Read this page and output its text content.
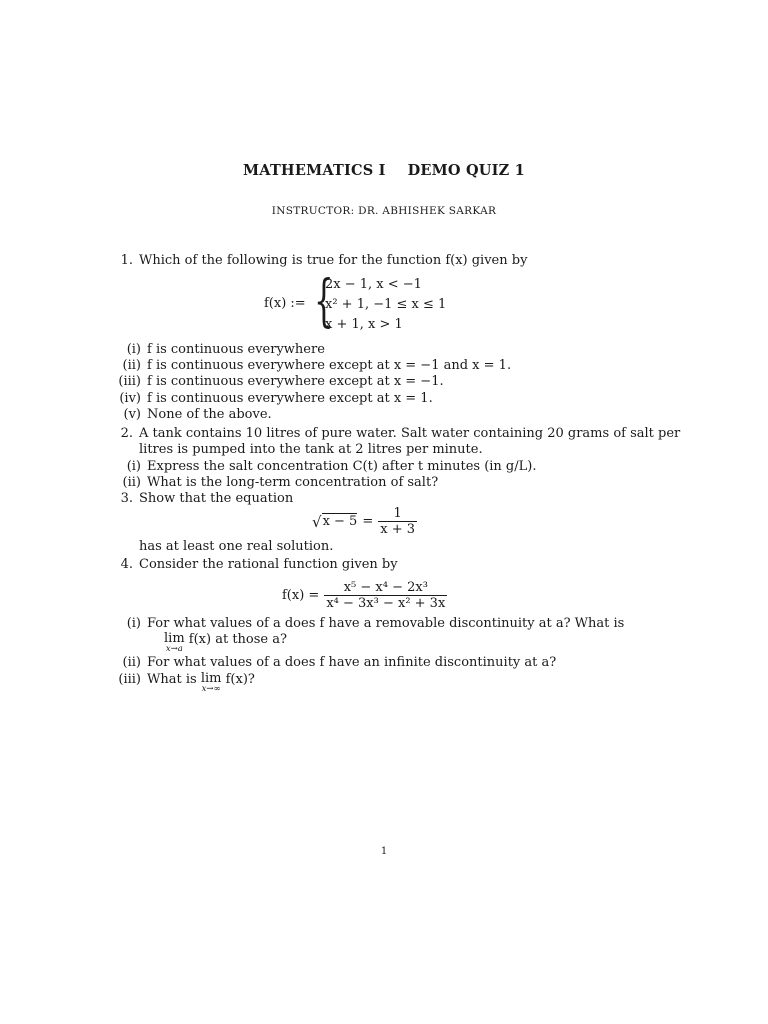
MATHEMATICS I DEMO QUIZ 1
INSTRUCTOR: DR. ABHISHEK SARKAR
1. Which of the following is true for the function f(x) given by
f(x) := {
2x − 1, x < −1
x² + 1, −1 ≤ x ≤ 1
x + 1, x > 1
(i) f is continuous everywhere
(ii) f is continuous everywhere except at x = −1 and x = 1.
(iii) f is continuous everywhere except at x = −1.
(iv) f is continuous everywhere except at x = 1.
(v) None of the above.
2. A tank contains 10 litres of pure water. Salt water containing 20 grams of salt per
litres is pumped into the tank at 2 litres per minute.
(i) Express the salt concentration C(t) after t minutes (in g/L).
(ii) What is the long-term concentration of salt?
3. Show that the equation
√ $x - 5 = \frac{1}{x + 3}$
has at least one real solution.
4. Consider the rational function given by
$f(x) = \frac{\text{x⁵ − x⁴ − 2x³}}{\text{x⁴ − 3x³ − x² + 3x}}$
(i) For what values of a does f have a removable discontinuity at a? What is
lim
x→a
f(x) at those a?
(ii) For what values of a does f have an infinite discontinuity at a?
(iii) What is lim
x→∞
f(x)?
1
